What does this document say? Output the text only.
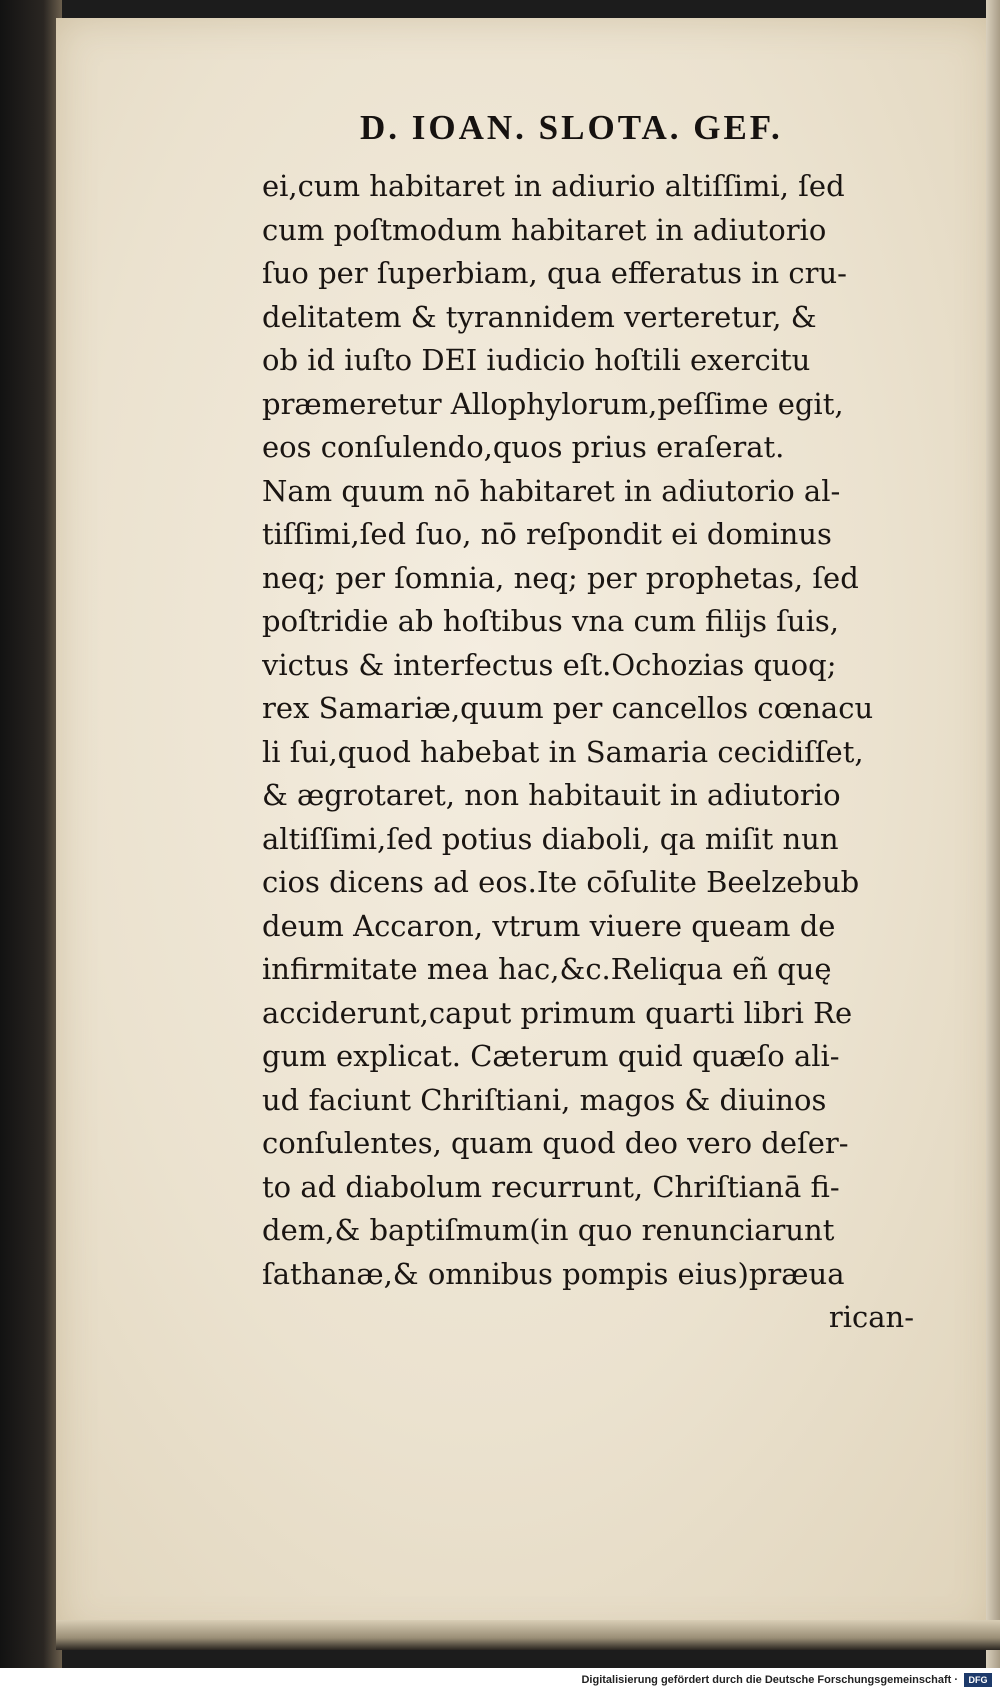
D. IOAN. SLOTA. GEF.
ei,cum habitaret in adiurio altiſſimi, ſed
cum poſtmodum habitaret in adiutorio
ſuo per ſuperbiam, qua efferatus in cru‑
delitatem & tyrannidem verteretur, &
ob id iuſto DEI iudicio hoſtili exercitu
præmeretur Allophylorum,peſſime egit,
eos conſulendo,quos prius eraſerat.
Nam quum nō habitaret in adiutorio al‑
tiſſimi,ſed ſuo, nō reſpondit ei dominus
neq; per ſomnia, neq; per prophetas, ſed
poſtridie ab hoſtibus vna cum filijs ſuis,
victus & interfectus eſt.Ochozias quoq;
rex Samariæ,quum per cancellos cœnacu
li ſui,quod habebat in Samaria cecidiſſet,
& ægrotaret, non habitauit in adiutorio
altiſſimi,ſed potius diaboli, qa miſit nun
cios dicens ad eos.Ite cōſulite Beelzebub
deum Accaron, vtrum viuere queam de
infirmitate mea hac,&c.Reliqua eñ quę
acciderunt,caput primum quarti libri Re
gum explicat. Cæterum quid quæſo ali‑
ud faciunt Chriſtiani, magos & diuinos
conſulentes, quam quod deo vero deſer‑
to ad diabolum recurrunt, Chriſtianā fi‑
dem,& baptiſmum(in quo renunciarunt
ſathanæ,& omnibus pompis eius)præua
rican‑
Digitalisierung gefördert durch die Deutsche Forschungsgemeinschaft ·	DFG
